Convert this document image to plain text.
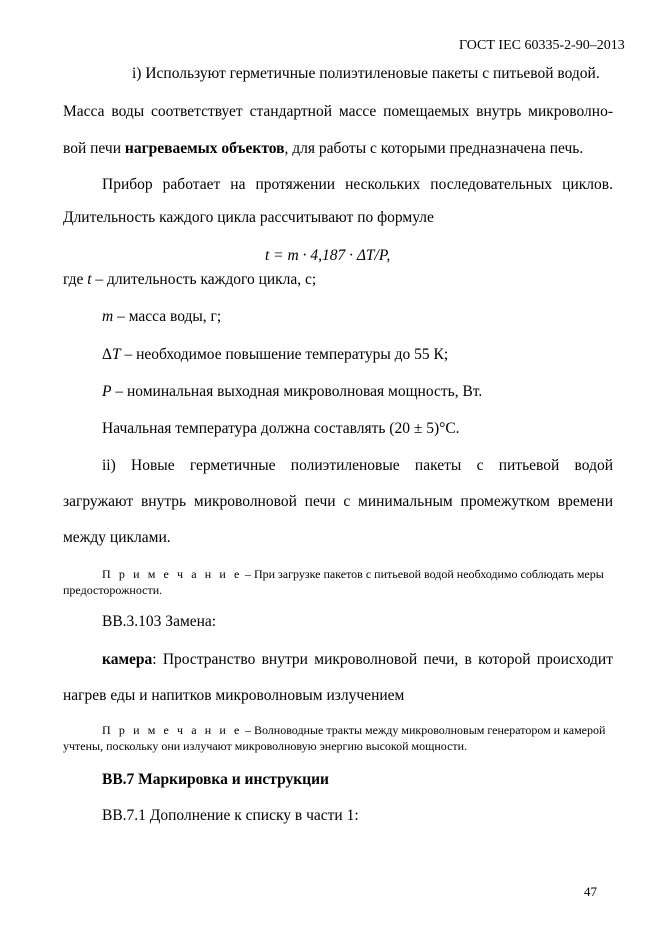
ГОСТ IEC 60335-2-90–2013
i) Используют герметичные полиэтиленовые пакеты с питьевой водой.
Масса воды соответствует стандартной массе помещаемых внутрь микроволно-
вой печи нагреваемых объектов, для работы с которыми предназначена печь.
Прибор работает на протяжении нескольких последовательных циклов.
Длительность каждого цикла рассчитывают по формуле
t = m · 4,187 · ΔT/P,
где t – длительность каждого цикла, с;
m – масса воды, г;
ΔT – необходимое повышение температуры до 55 К;
P – номинальная выходная микроволновая мощность, Вт.
Начальная температура должна составлять (20 ± 5)°С.
ii) Новые герметичные полиэтиленовые пакеты с питьевой водой
загружают внутрь микроволновой печи с минимальным промежутком времени
между циклами.
П р и м е ч а н и е – При загрузке пакетов с питьевой водой необходимо соблюдать меры
предосторожности.
ВВ.3.103 Замена:
камера: Пространство внутри микроволновой печи, в которой происходит
нагрев еды и напитков микроволновым излучением
П р и м е ч а н и е – Волноводные тракты между микроволновым генератором и камерой
учтены, поскольку они излучают микроволновую энергию высокой мощности.
ВВ.7 Маркировка и инструкции
ВВ.7.1 Дополнение к списку в части 1:
47
